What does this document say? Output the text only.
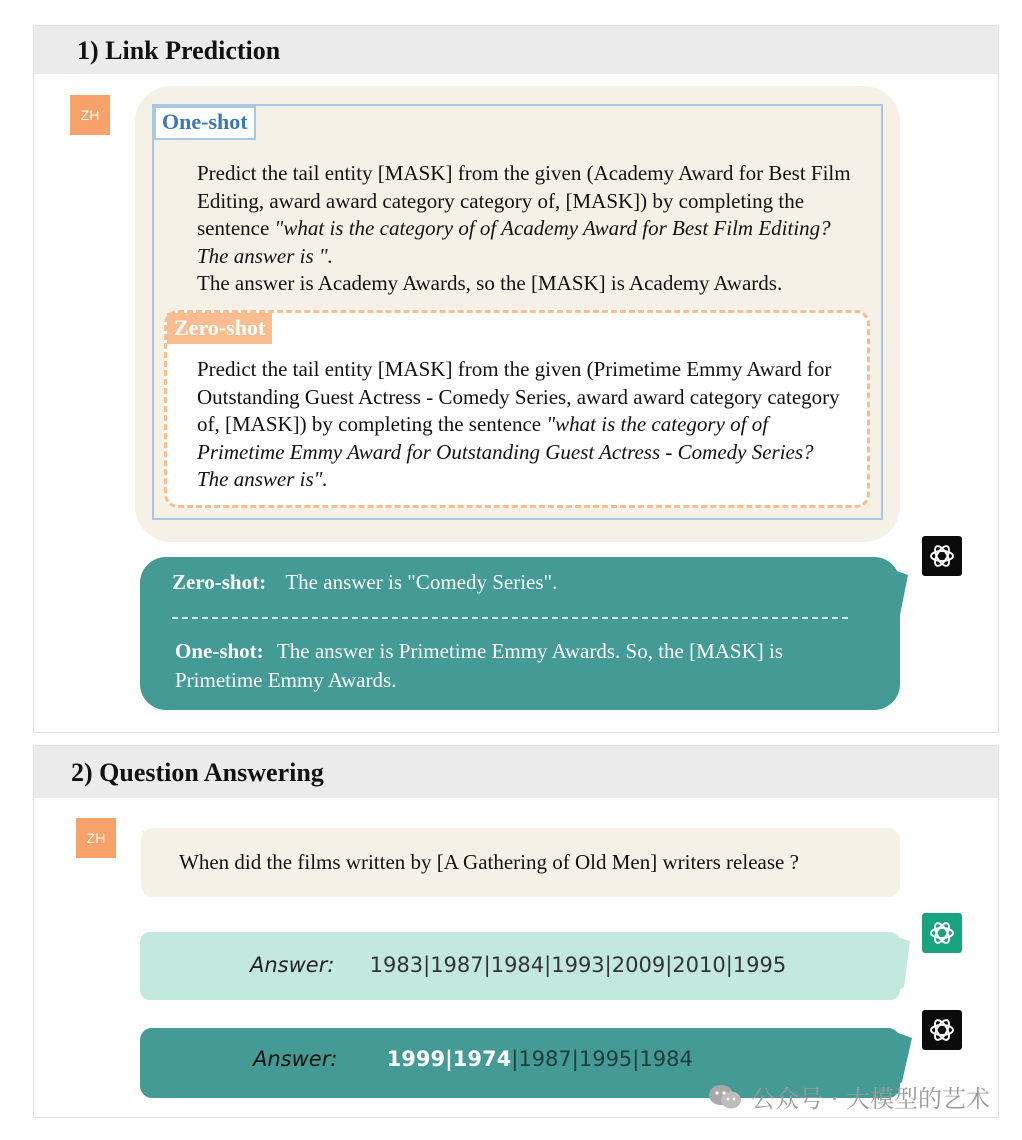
1) Link Prediction
ZH	One-shot
Predict the tail entity [MASK] from the given (Academy Award for Best Film Editing, award award category category of, [MASK]) by completing the sentence "what is the category of of Academy Award for Best Film Editing? The answer is ".
The answer is Academy Awards, so the [MASK] is Academy Awards.
Zero-shot
Predict the tail entity [MASK] from the given (Primetime Emmy Award for Outstanding Guest Actress - Comedy Series, award award category category of, [MASK]) by completing the sentence "what is the category of of Primetime Emmy Award for Outstanding Guest Actress - Comedy Series? The answer is".
Zero-shot: The answer is "Comedy Series".
One-shot: The answer is Primetime Emmy Awards. So, the [MASK] is Primetime Emmy Awards.
2) Question Answering
ZH
When did the films written by [A Gathering of Old Men] writers release ?
Answer: 1983|1987|1984|1993|2009|2010|1995
Answer: 1999|1974|1987|1995|1984
公众号 · 大模型的艺术
